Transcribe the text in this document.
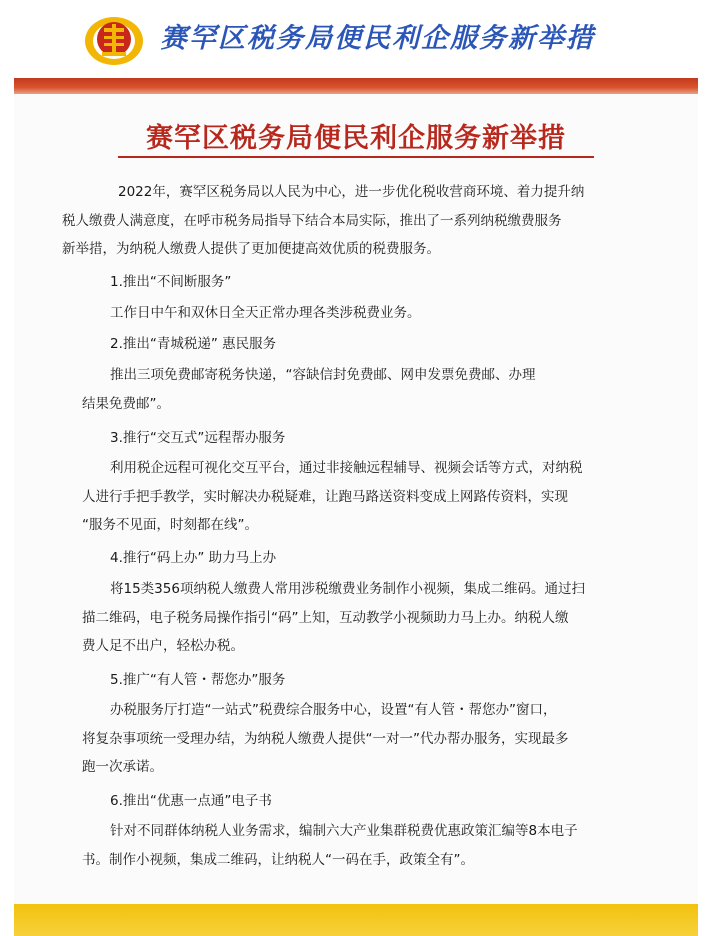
赛罕区税务局便民利企服务新举措
赛罕区税务局便民利企服务新举措
2022年，赛罕区税务局以人民为中心，进一步优化税收营商环境、着力提升纳
税人缴费人满意度，在呼市税务局指导下结合本局实际，推出了一系列纳税缴费服务
新举措，为纳税人缴费人提供了更加便捷高效优质的税费服务。
1.推出“不间断服务”
工作日中午和双休日全天正常办理各类涉税费业务。
2.推出“青城税递” 惠民服务
推出三项免费邮寄税务快递，“容缺信封免费邮、网申发票免费邮、办理
结果免费邮”。
3.推行“交互式”远程帮办服务
利用税企远程可视化交互平台，通过非接触远程辅导、视频会话等方式，对纳税
人进行手把手教学，实时解决办税疑难，让跑马路送资料变成上网路传资料，实现
“服务不见面，时刻都在线”。
4.推行“码上办” 助力马上办
将15类356项纳税人缴费人常用涉税缴费业务制作小视频，集成二维码。通过扫
描二维码，电子税务局操作指引“码”上知，互动教学小视频助力马上办。纳税人缴
费人足不出户，轻松办税。
5.推广“有人管・帮您办”服务
办税服务厅打造“一站式”税费综合服务中心，设置“有人管・帮您办”窗口，
将复杂事项统一受理办结，为纳税人缴费人提供“一对一”代办帮办服务，实现最多
跑一次承诺。
6.推出“优惠一点通”电子书
针对不同群体纳税人业务需求，编制六大产业集群税费优惠政策汇编等8本电子
书。制作小视频，集成二维码，让纳税人“一码在手，政策全有”。
